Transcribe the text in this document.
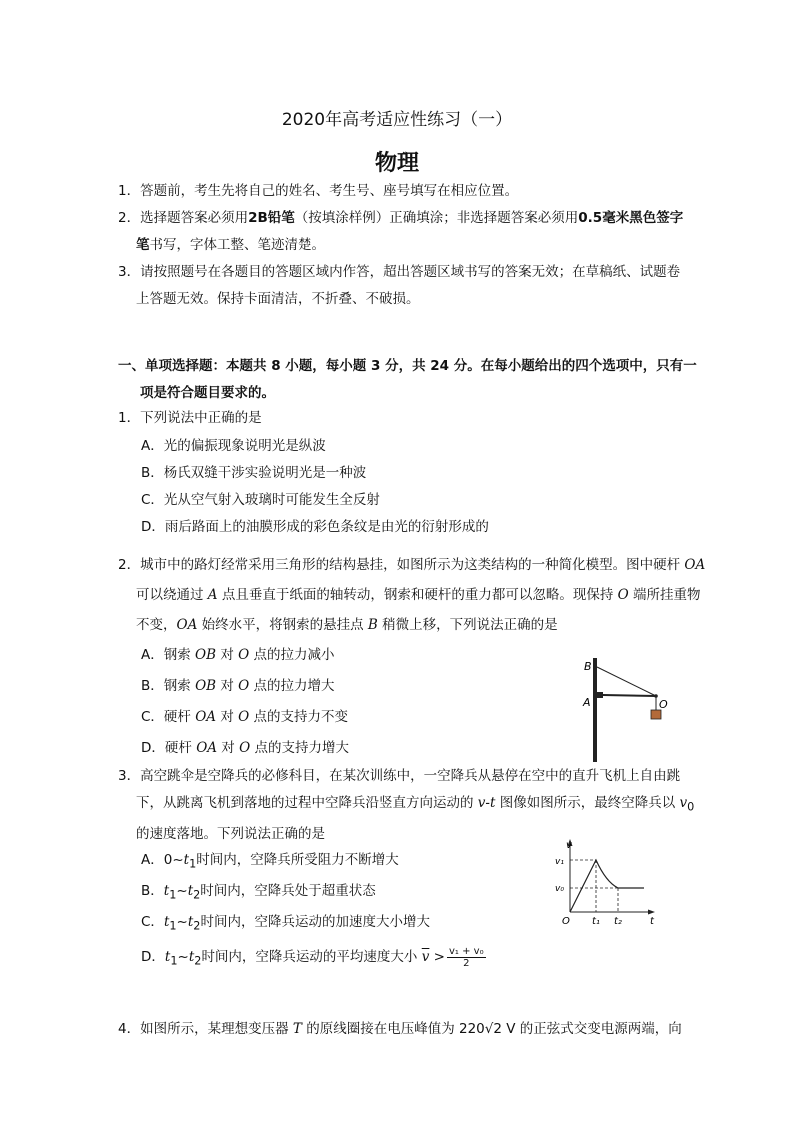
2020年高考适应性练习（一）
物理
1．答题前，考生先将自己的姓名、考生号、座号填写在相应位置。
2．选择题答案必须用2B铅笔（按填涂样例）正确填涂；非选择题答案必须用0.5毫米黑色签字笔书写，字体工整、笔迹清楚。
3．请按照题号在各题目的答题区域内作答，超出答题区域书写的答案无效；在草稿纸、试题卷上答题无效。保持卡面清洁，不折叠、不破损。
一、单项选择题：本题共 8 小题，每小题 3 分，共 24 分。在每小题给出的四个选项中，只有一项是符合题目要求的。
1．下列说法中正确的是
A．光的偏振现象说明光是纵波
B．杨氏双缝干涉实验说明光是一种波
C．光从空气射入玻璃时可能发生全反射
D．雨后路面上的油膜形成的彩色条纹是由光的衍射形成的
2．城市中的路灯经常采用三角形的结构悬挂，如图所示为这类结构的一种简化模型。图中硬杆 OA 可以绕通过 A 点且垂直于纸面的轴转动，钢索和硬杆的重力都可以忽略。现保持 O 端所挂重物不变，OA 始终水平，将钢索的悬挂点 B 稍微上移，下列说法正确的是
A．钢索 OB 对 O 点的拉力减小
B．钢索 OB 对 O 点的拉力增大
C．硬杆 OA 对 O 点的支持力不变
D．硬杆 OA 对 O 点的支持力增大
B
A	O
3．高空跳伞是空降兵的必修科目，在某次训练中，一空降兵从悬停在空中的直升飞机上自由跳下，从跳离飞机到落地的过程中空降兵沿竖直方向运动的 v-t 图像如图所示，最终空降兵以 $v_0$ 的速度落地。下列说法正确的是
A．$0\sim t_1$时间内，空降兵所受阻力不断增大
B．$t_1\sim t_2$时间内，空降兵处于超重状态
C．$t_1\sim t_2$时间内，空降兵运动的加速度大小增大
D．$t_1\sim t_2$时间内，空降兵运动的平均速度大小 $\overline{v} > \frac{\text{v₁ + v₀}}{2}$
v
v₁
v₀
O t₁ t₂	t
4．如图所示，某理想变压器 T 的原线圈接在电压峰值为 220√2 V 的正弦式交变电源两端，向
